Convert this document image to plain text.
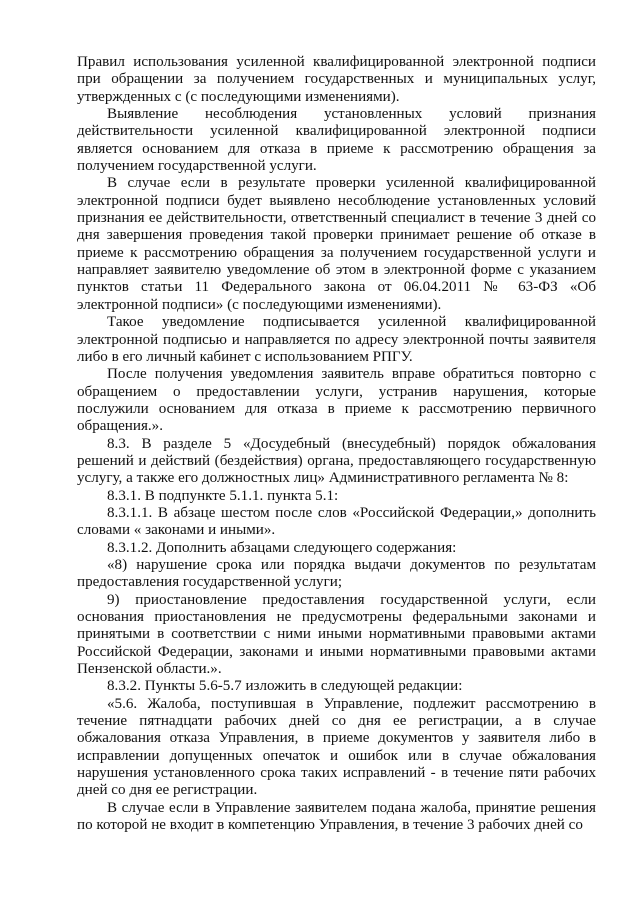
Правил использования усиленной квалифицированной электронной подписи при обращении за получением государственных и муниципальных услуг, утвержденных с (с последующими изменениями).

Выявление несоблюдения установленных условий признания действительности усиленной квалифицированной электронной подписи является основанием для отказа в приеме к рассмотрению обращения за получением государственной услуги.

В случае если в результате проверки усиленной квалифицированной электронной подписи будет выявлено несоблюдение установленных условий признания ее действительности, ответственный специалист в течение 3 дней со дня завершения проведения такой проверки принимает решение об отказе в приеме к рассмотрению обращения за получением государственной услуги и направляет заявителю уведомление об этом в электронной форме с указанием пунктов статьи 11 Федерального закона от 06.04.2011 № 63-ФЗ «Об электронной подписи» (с последующими изменениями).

Такое уведомление подписывается усиленной квалифицированной электронной подписью и направляется по адресу электронной почты заявителя либо в его личный кабинет с использованием РПГУ.

После получения уведомления заявитель вправе обратиться повторно с обращением о предоставлении услуги, устранив нарушения, которые послужили основанием для отказа в приеме к рассмотрению первичного обращения.».

8.3. В разделе 5 «Досудебный (внесудебный) порядок обжалования решений и действий (бездействия) органа, предоставляющего государственную услугу, а также его должностных лиц» Административного регламента № 8:

8.3.1. В подпункте 5.1.1. пункта 5.1:

8.3.1.1. В абзаце шестом после слов «Российской Федерации,» дополнить словами « законами и иными».

8.3.1.2. Дополнить абзацами следующего содержания:

«8) нарушение срока или порядка выдачи документов по результатам предоставления государственной услуги;

9) приостановление предоставления государственной услуги, если основания приостановления не предусмотрены федеральными законами и принятыми в соответствии с ними иными нормативными правовыми актами Российской Федерации, законами и иными нормативными правовыми актами Пензенской области.».

8.3.2. Пункты 5.6-5.7 изложить в следующей редакции:

«5.6. Жалоба, поступившая в Управление, подлежит рассмотрению в течение пятнадцати рабочих дней со дня ее регистрации, а в случае обжалования отказа Управления, в приеме документов у заявителя либо в исправлении допущенных опечаток и ошибок или в случае обжалования нарушения установленного срока таких исправлений - в течение пяти рабочих дней со дня ее регистрации.

В случае если в Управление заявителем подана жалоба, принятие решения по которой не входит в компетенцию Управления, в течение 3 рабочих дней со
